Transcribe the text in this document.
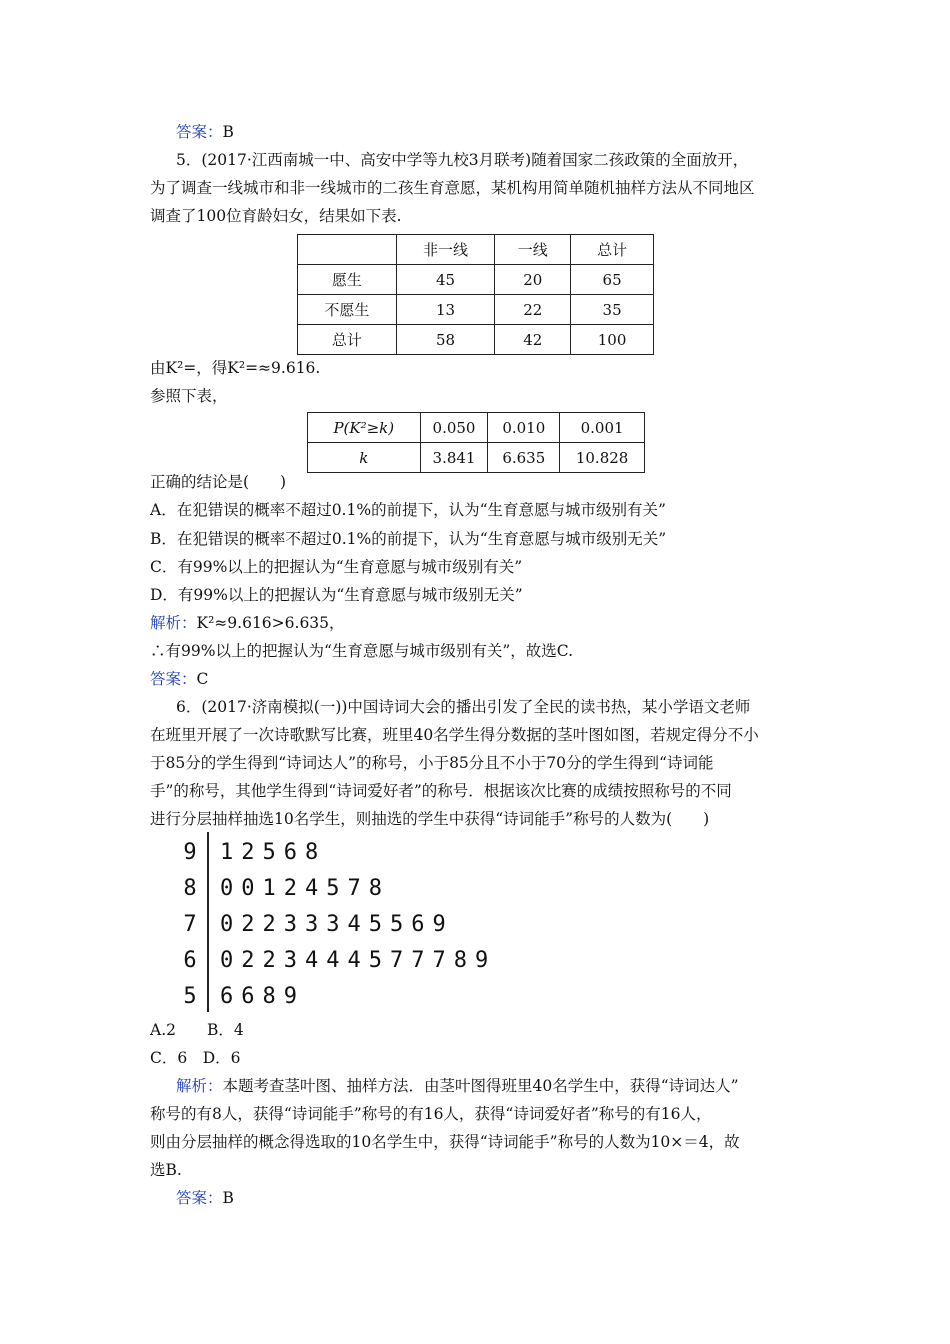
答案：B
5．(2017·江西南城一中、高安中学等九校3月联考)随着国家二孩政策的全面放开，
为了调查一线城市和非一线城市的二孩生育意愿，某机构用简单随机抽样方法从不同地区
调查了100位育龄妇女，结果如下表.
	非一线	一线	总计
愿生	45	20	65
不愿生	13	22	35
总计	58	42	100
由K²=，得K²=≈9.616.
参照下表，
P(K²≥k)	0.050	0.010	0.001
k	3.841	6.635	10.828
正确的结论是(　　)
A．在犯错误的概率不超过0.1%的前提下，认为“生育意愿与城市级别有关”
B．在犯错误的概率不超过0.1%的前提下，认为“生育意愿与城市级别无关”
C．有99%以上的把握认为“生育意愿与城市级别有关”
D．有99%以上的把握认为“生育意愿与城市级别无关”
解析：K²≈9.616>6.635，
∴有99%以上的把握认为“生育意愿与城市级别有关”，故选C.
答案：C
6．(2017·济南模拟(一))中国诗词大会的播出引发了全民的读书热，某小学语文老师
在班里开展了一次诗歌默写比赛，班里40名学生得分数据的茎叶图如图，若规定得分不小
于85分的学生得到“诗词达人”的称号，小于85分且不小于70分的学生得到“诗词能
手”的称号，其他学生得到“诗词爱好者”的称号．根据该次比赛的成绩按照称号的不同
进行分层抽样抽选10名学生，则抽选的学生中获得“诗词能手”称号的人数为(　　)
9 12568
8 00124578
7 02233345569
6 0223444577789
5 6689
A.2　　B．4
C．6　D．6
解析：本题考查茎叶图、抽样方法．由茎叶图得班里40名学生中，获得“诗词达人”
称号的有8人，获得“诗词能手”称号的有16人，获得“诗词爱好者”称号的有16人，
则由分层抽样的概念得选取的10名学生中，获得“诗词能手”称号的人数为10×＝4，故
选B.
答案：B
